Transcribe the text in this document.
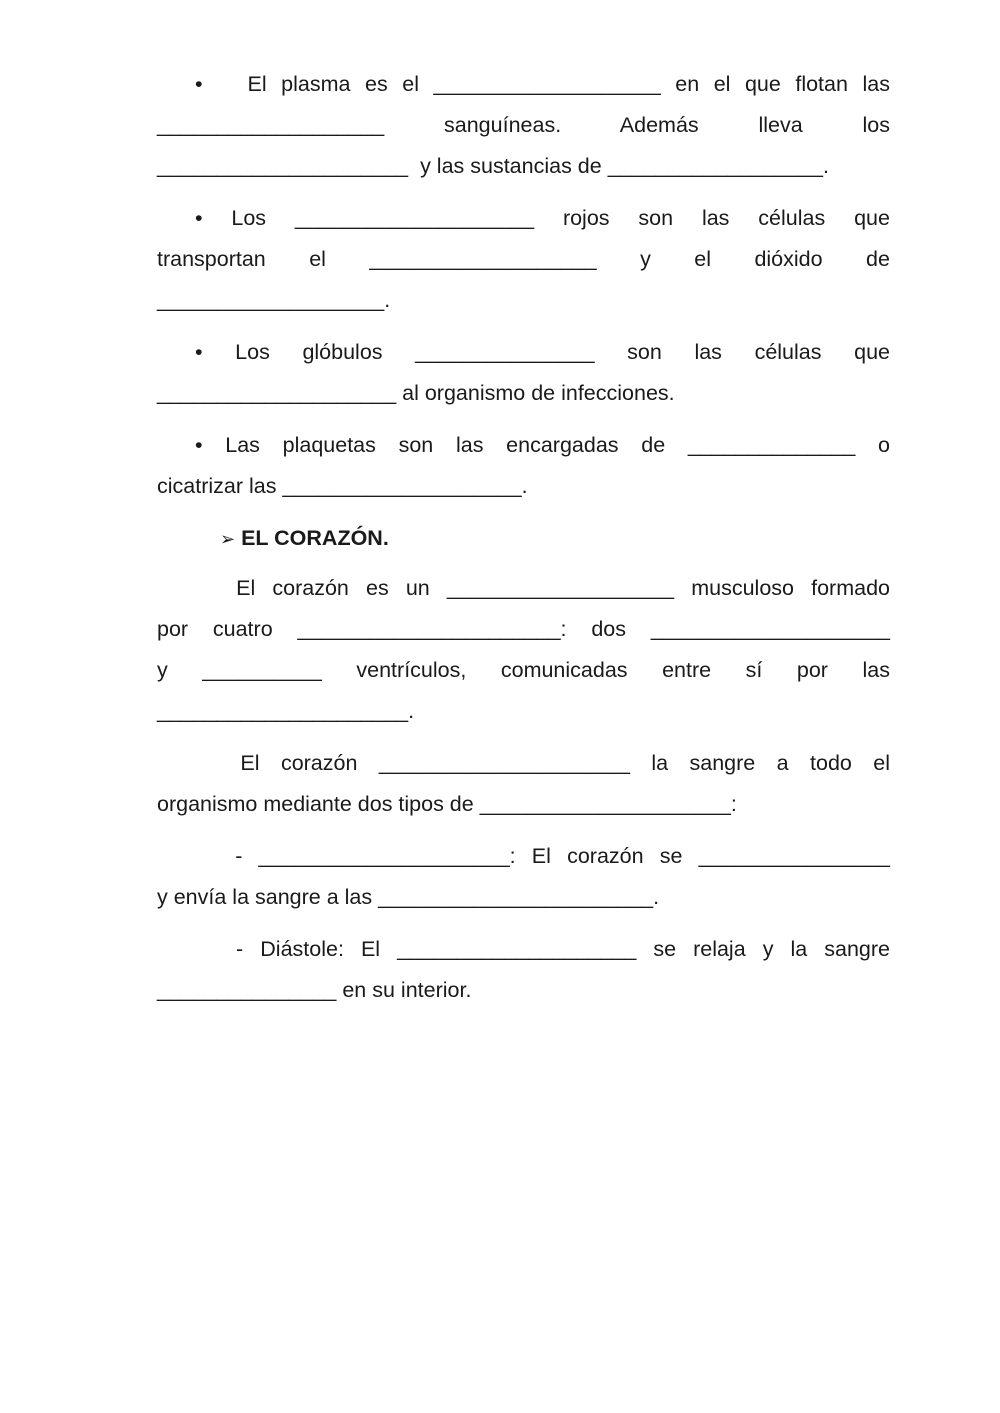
• El plasma es el ___________________ en el que flotan las
___________________	sanguíneas.	Además	lleva	los

_____________________ y las sustancias de __________________.

• Los ____________________ rojos son las células que
transportan el ___________________ y el dióxido de

___________________.

• Los glóbulos _______________ son las células que

____________________ al organismo de infecciones.

• Las plaquetas son las encargadas de ______________ o

cicatrizar las ____________________.

➢ EL CORAZÓN.

El corazón es un ___________________ musculoso formado
por cuatro ______________________: dos ____________________
y __________ ventrículos, comunicadas entre sí por las

_____________________.

El corazón _____________________ la sangre a todo el

organismo mediante dos tipos de _____________________:

- _____________________: El corazón se ________________

y envía la sangre a las _______________________.

- Diástole: El ____________________ se relaja y la sangre

_______________ en su interior.
